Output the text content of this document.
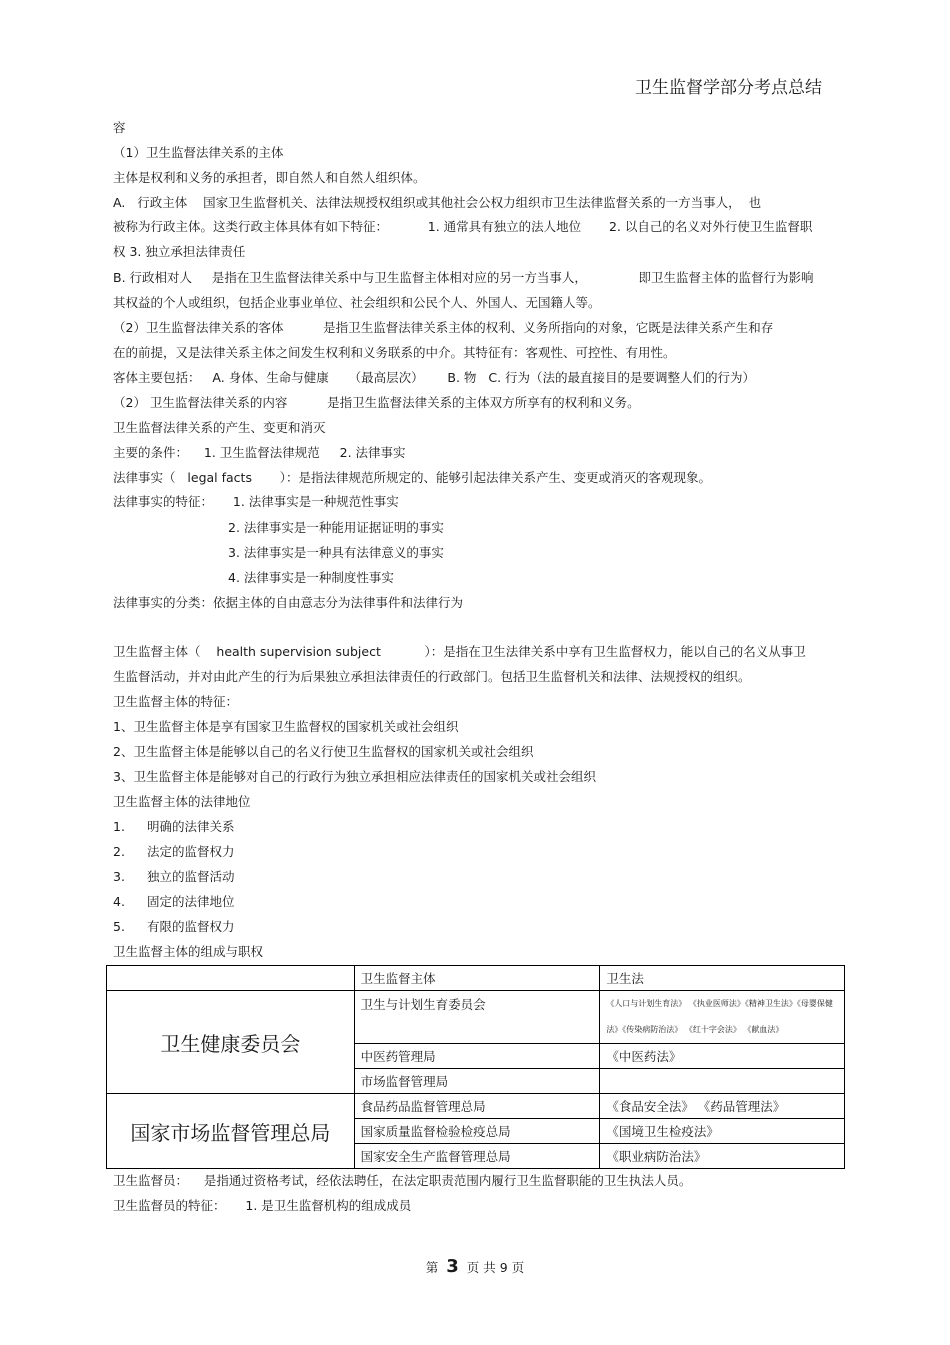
卫生监督学部分考点总结
容
（1）卫生监督法律关系的主体
主体是权利和义务的承担者，即自然人和自然人组织体。
A.   行政主体    国家卫生监督机关、法律法规授权组织或其他社会公权力组织市卫生法律监督关系的一方当事人，  也
被称为行政主体。这类行政主体具体有如下特征：          1. 通常具有独立的法人地位       2. 以自己的名义对外行使卫生监督职
权 3. 独立承担法律责任
B. 行政相对人     是指在卫生监督法律关系中与卫生监督主体相对应的另一方当事人，             即卫生监督主体的监督行为影响
其权益的个人或组织，包括企业事业单位、社会组织和公民个人、外国人、无国籍人等。
（2）卫生监督法律关系的客体          是指卫生监督法律关系主体的权利、义务所指向的对象，它既是法律关系产生和存
在的前提，又是法律关系主体之间发生权利和义务联系的中介。其特征有：客观性、可控性、有用性。
客体主要包括：   A. 身体、生命与健康     （最高层次）      B. 物   C. 行为（法的最直接目的是要调整人们的行为）
（2） 卫生监督法律关系的内容          是指卫生监督法律关系的主体双方所享有的权利和义务。
卫生监督法律关系的产生、变更和消灭
主要的条件：    1. 卫生监督法律规范     2. 法律事实
法律事实（   legal facts       ）：是指法律规范所规定的、能够引起法律关系产生、变更或消灭的客观现象。
法律事实的特征：     1. 法律事实是一种规范性事实
2. 法律事实是一种能用证据证明的事实
3. 法律事实是一种具有法律意义的事实
4. 法律事实是一种制度性事实
法律事实的分类：依据主体的自由意志分为法律事件和法律行为
卫生监督主体（    health supervision subject           ）：是指在卫生法律关系中享有卫生监督权力，能以自己的名义从事卫
生监督活动，并对由此产生的行为后果独立承担法律责任的行政部门。包括卫生监督机关和法律、法规授权的组织。
卫生监督主体的特征：
1、卫生监督主体是享有国家卫生监督权的国家机关或社会组织
2、卫生监督主体是能够以自己的名义行使卫生监督权的国家机关或社会组织
3、卫生监督主体是能够对自己的行政行为独立承担相应法律责任的国家机关或社会组织
卫生监督主体的法律地位
1. 明确的法律关系
2. 法定的监督权力
3. 独立的监督活动
4. 固定的法律地位
5. 有限的监督权力
卫生监督主体的组成与职权
	卫生监督主体	卫生法
卫生健康委员会	卫生与计划生育委员会	《人口与计划生育法》 《执业医师法》《精神卫生法》《母婴保健法》《传染病防治法》 《红十字会法》 《献血法》
	中医药管理局	《中医药法》
	市场监督管理局	
国家市场监督管理总局	食品药品监督管理总局	《食品安全法》 《药品管理法》
	国家质量监督检验检疫总局	《国境卫生检疫法》
	国家安全生产监督管理总局	《职业病防治法》
卫生监督员：    是指通过资格考试，经依法聘任，在法定职责范围内履行卫生监督职能的卫生执法人员。
卫生监督员的特征：     1. 是卫生监督机构的组成成员
第 3 页 共 9 页
